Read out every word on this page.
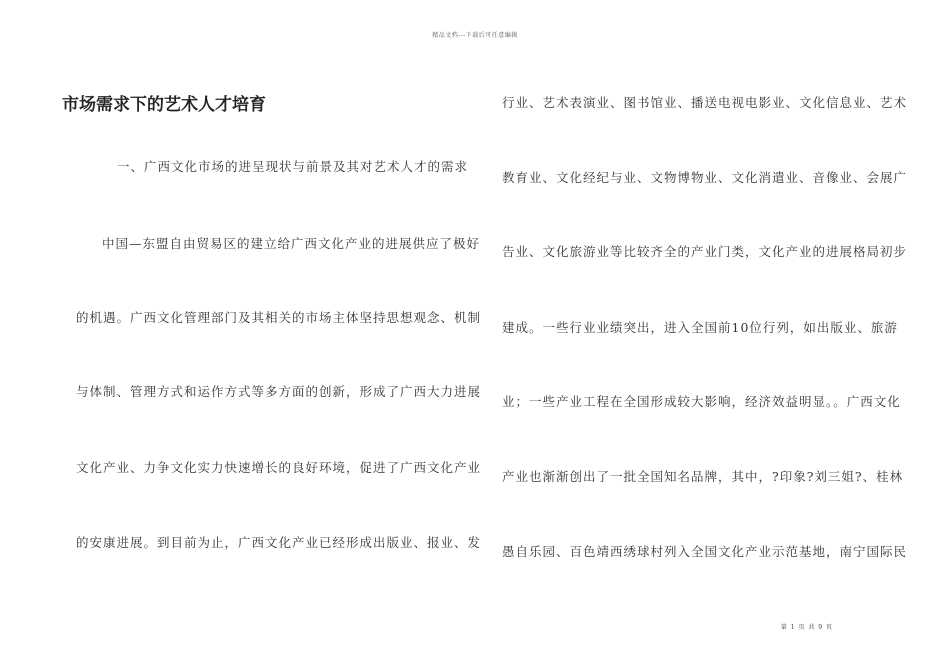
精品文档---下载后可任意编辑
市场需求下的艺术人才培育
一、广西文化市场的进呈现状与前景及其对艺术人才的需求
中国—东盟自由贸易区的建立给广西文化产业的进展供应了极好
的机遇。广西文化管理部门及其相关的市场主体坚持思想观念、机制
与体制、管理方式和运作方式等多方面的创新，形成了广西大力进展
文化产业、力争文化实力快速增长的良好环境，促进了广西文化产业
的安康进展。到目前为止，广西文化产业已经形成出版业、报业、发
行业、艺术表演业、图书馆业、播送电视电影业、文化信息业、艺术
教育业、文化经纪与业、文物博物业、文化消遣业、音像业、会展广
告业、文化旅游业等比较齐全的产业门类，文化产业的进展格局初步
建成。一些行业业绩突出，进入全国前10位行列，如出版业、旅游
业；一些产业工程在全国形成较大影响，经济效益明显。。广西文化
产业也渐渐创出了一批全国知名品牌，其中，?印象?刘三姐?、桂林
愚自乐园、百色靖西绣球村列入全国文化产业示范基地，南宁国际民
第 1 页 共 9 页
